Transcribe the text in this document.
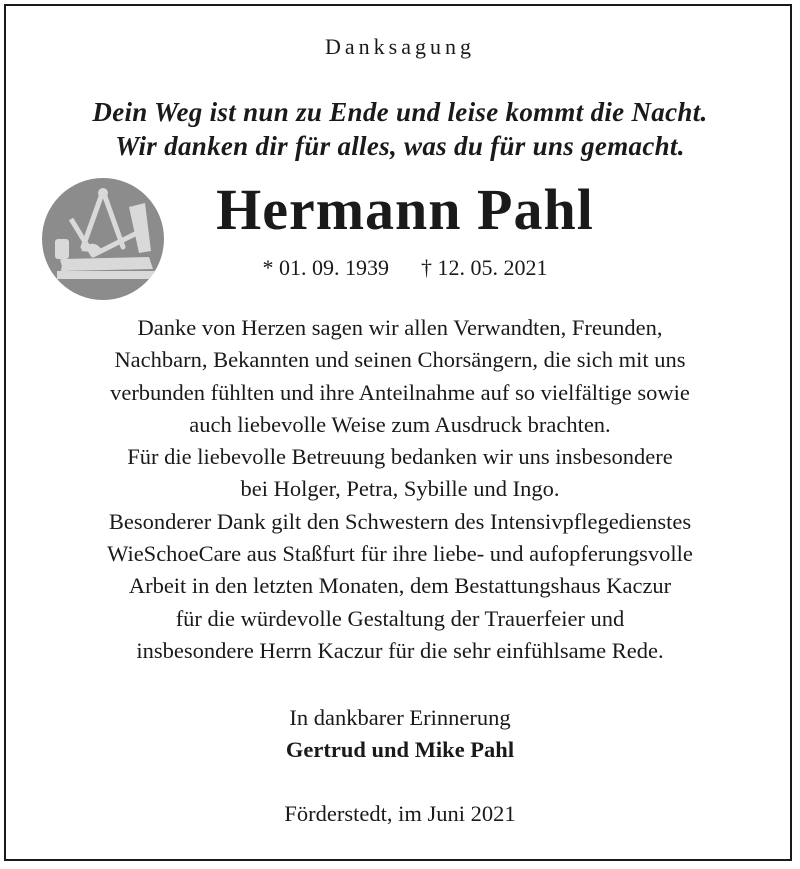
Danksagung
Dein Weg ist nun zu Ende und leise kommt die Nacht.
Wir danken dir für alles, was du für uns gemacht.
Hermann Pahl
* 01. 09. 1939 † 12. 05. 2021
Danke von Herzen sagen wir allen Verwandten, Freunden,
Nachbarn, Bekannten und seinen Chorsängern, die sich mit uns
verbunden fühlten und ihre Anteilnahme auf so vielfältige sowie
auch liebevolle Weise zum Ausdruck brachten.
Für die liebevolle Betreuung bedanken wir uns insbesondere
bei Holger, Petra, Sybille und Ingo.
Besonderer Dank gilt den Schwestern des Intensivpflegedienstes
WieSchoeCare aus Staßfurt für ihre liebe- und aufopferungsvolle
Arbeit in den letzten Monaten, dem Bestattungshaus Kaczur
für die würdevolle Gestaltung der Trauerfeier und
insbesondere Herrn Kaczur für die sehr einfühlsame Rede.
In dankbarer Erinnerung
Gertrud und Mike Pahl
Förderstedt, im Juni 2021
